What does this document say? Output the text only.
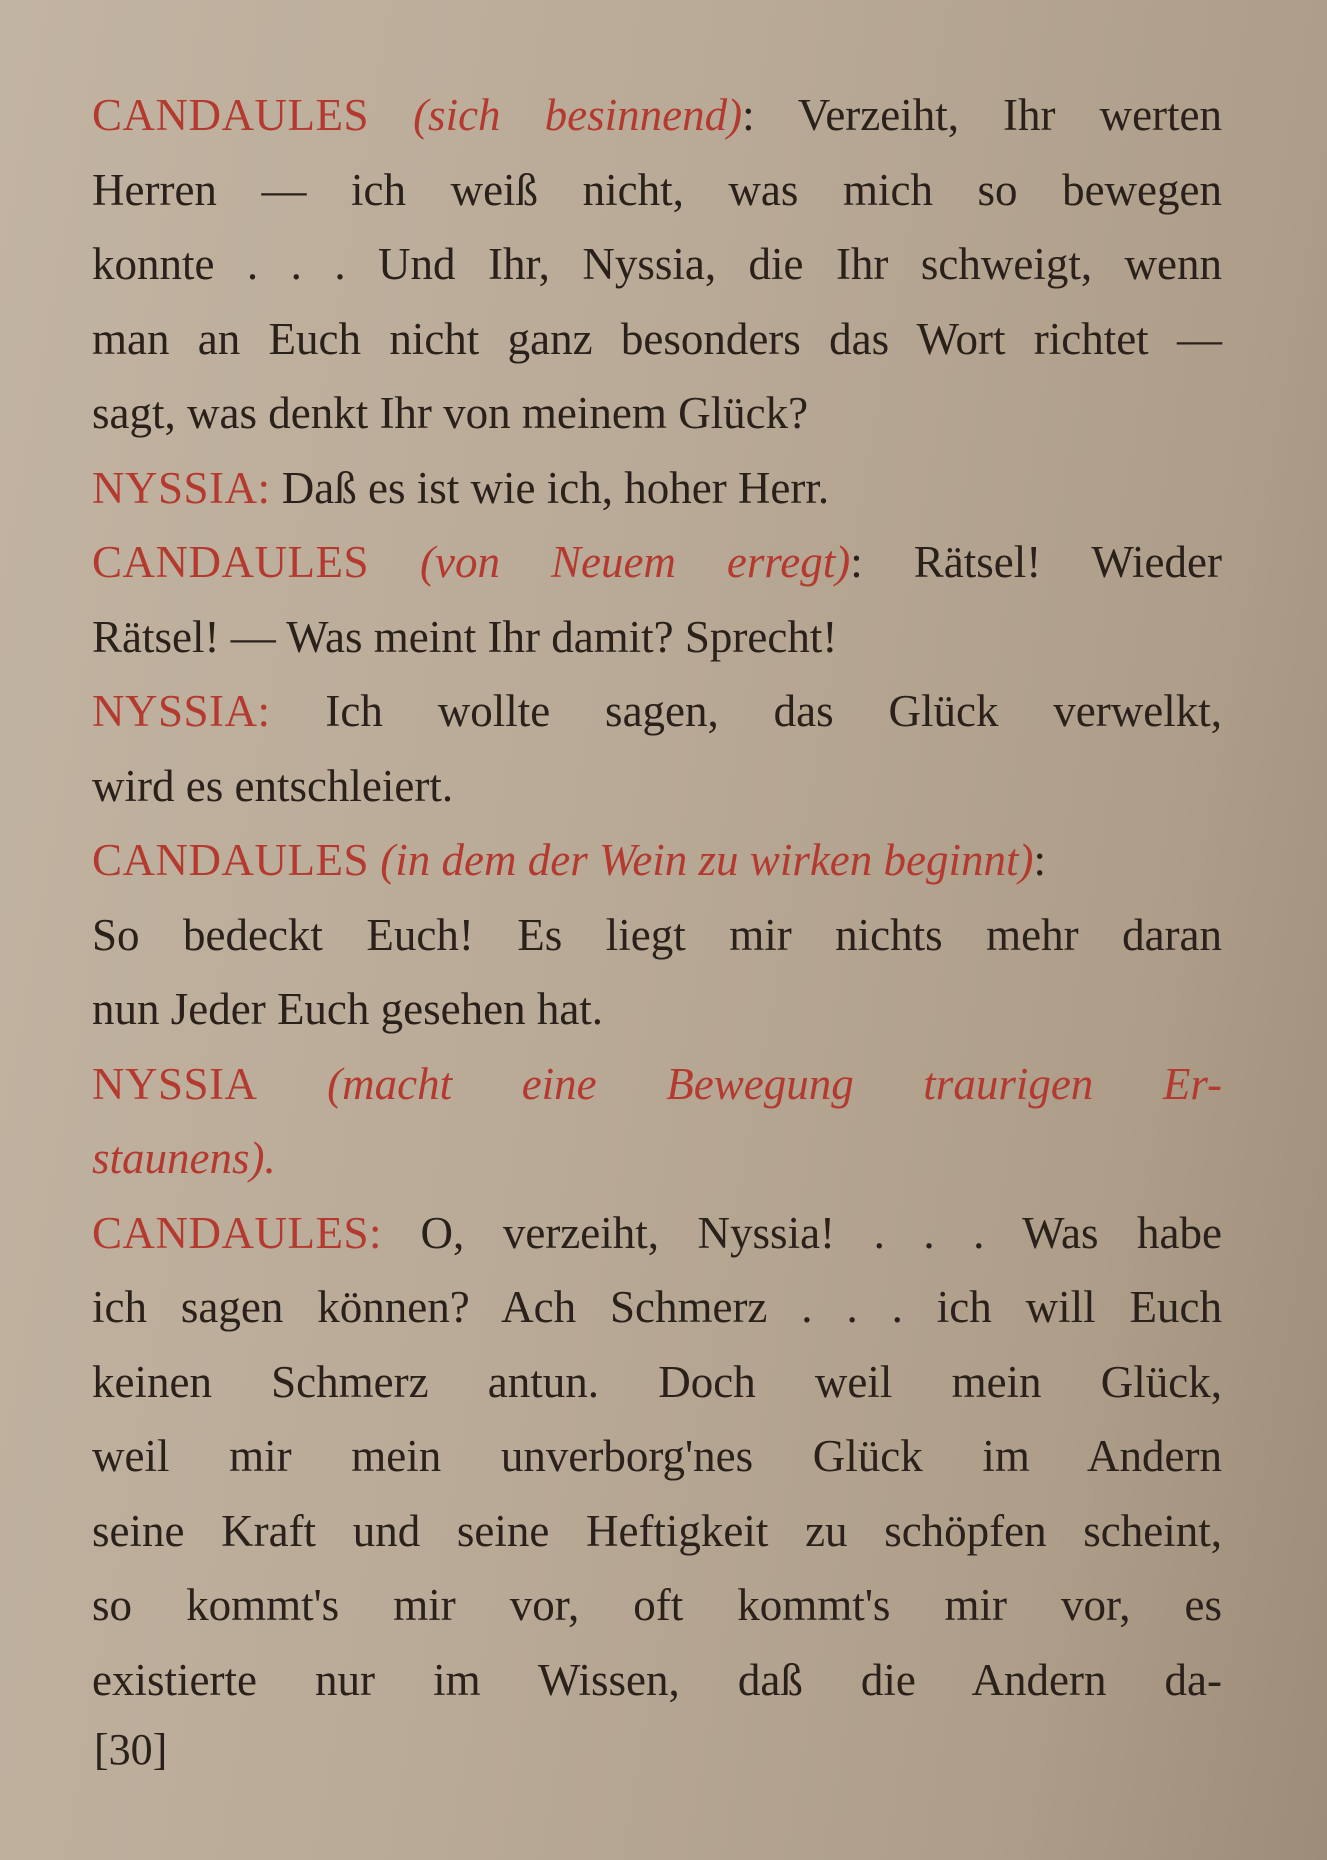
CANDAULES (sich besinnend): Verzeiht, Ihr werten
Herren — ich weiß nicht, was mich so bewegen
konnte . . . Und Ihr, Nyssia, die Ihr schweigt, wenn
man an Euch nicht ganz besonders das Wort richtet —
sagt, was denkt Ihr von meinem Glück?
NYSSIA: Daß es ist wie ich, hoher Herr.
CANDAULES (von Neuem erregt): Rätsel! Wieder
Rätsel! — Was meint Ihr damit? Sprecht!
NYSSIA: Ich wollte sagen, das Glück verwelkt,
wird es entschleiert.
CANDAULES (in dem der Wein zu wirken beginnt):
So bedeckt Euch! Es liegt mir nichts mehr daran
nun Jeder Euch gesehen hat.
NYSSIA (macht eine Bewegung traurigen Er-
staunens).
CANDAULES: O, verzeiht, Nyssia! . . . Was habe
ich sagen können? Ach Schmerz . . . ich will Euch
keinen Schmerz antun. Doch weil mein Glück,
weil mir mein unverborg'nes Glück im Andern
seine Kraft und seine Heftigkeit zu schöpfen scheint,
so kommt's mir vor, oft kommt's mir vor, es
existierte nur im Wissen, daß die Andern da-
[30]
